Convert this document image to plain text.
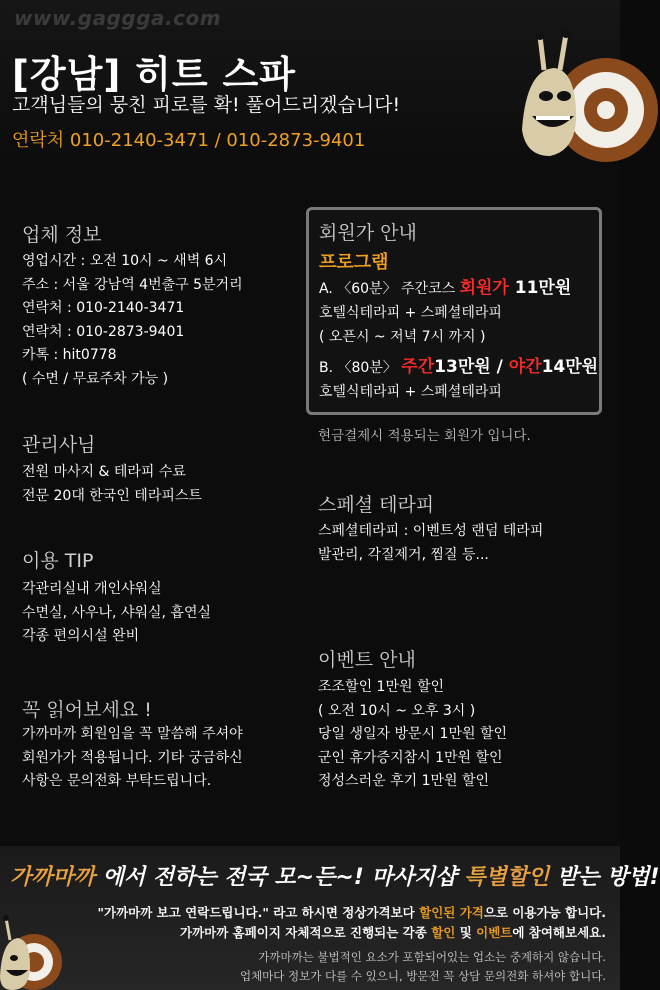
www.gaggga.com
[강남] 히트 스파
고객님들의 뭉친 피로를 확! 풀어드리겠습니다!
연락처 010-2140-3471 / 010-2873-9401
업체 정보
영업시간 : 오전 10시 ~ 새벽 6시
주소 : 서울 강남역 4번출구 5분거리
연락처 : 010-2140-3471
연락처 : 010-2873-9401
카톡 : hit0778
( 수면 / 무료주차 가능 )
관리사님
전원 마사지 & 테라피 수료
전문 20대 한국인 테라피스트
이용 TIP
각관리실내 개인샤워실
수면실, 사우나, 샤워실, 흡연실
각종 편의시설 완비
꼭 읽어보세요 !
가까마까 회원임을 꼭 말씀해 주셔야
회원가가 적용됩니다. 기타 궁금하신
사항은 문의전화 부탁드립니다.
회원가 안내
프로그램
A. 〈60분〉 주간코스 회원가 11만원
호텔식테라피 + 스페셜테라피
( 오픈시 ~ 저녁 7시 까지 )
B. 〈80분〉 주간13만원 / 야간14만원
호텔식테라피 + 스페셜테라피
현금결제시 적용되는 회원가 입니다.
스페셜 테라피
스페셜테라피 : 이벤트성 랜덤 테라피
발관리, 각질제거, 찜질 등...
이벤트 안내
조조할인 1만원 할인
( 오전 10시 ~ 오후 3시 )
당일 생일자 방문시 1만원 할인
군인 휴가증지참시 1만원 할인
정성스러운 후기 1만원 할인
가까마까 에서 전하는 전국 모~든~! 마사지샵 특별할인 받는 방법!
"가까마까 보고 연락드립니다." 라고 하시면 정상가격보다 할인된 가격으로 이용가능 합니다.
가까마까 홈페이지 자체적으로 진행되는 각종 할인 및 이벤트에 참여해보세요.
가까마까는 불법적인 요소가 포함되어있는 업소는 중계하지 않습니다.
업체마다 정보가 다를 수 있으니, 방문전 꼭 상담 문의전화 하셔야 합니다.
